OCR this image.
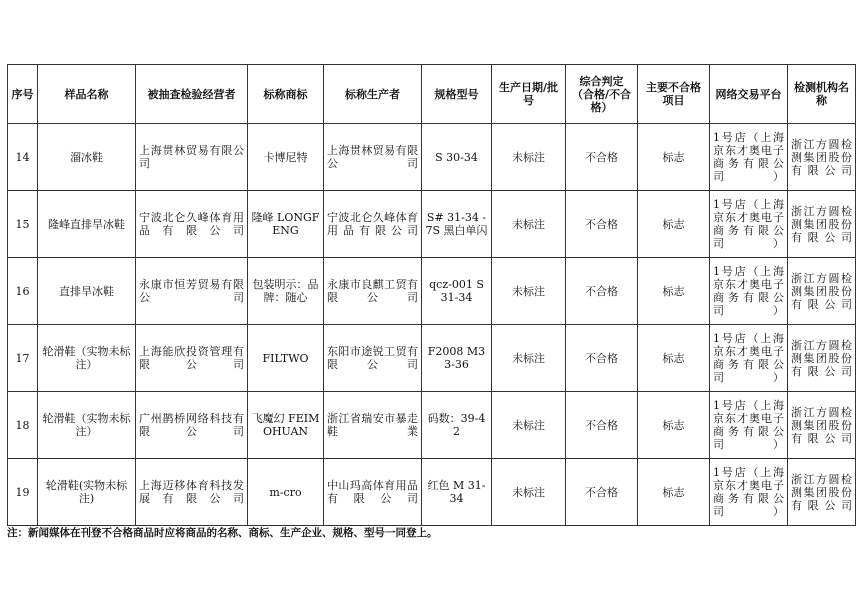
序号	样品名称	被抽查检验经营者	标称商标	标称生产者	规格型号	生产日期/批号	综合判定（合格/不合格）	主要不合格项目	网络交易平台	检测机构名称
14	溜冰鞋	上海贯林贸易有限公司	卡博尼特	上海贯林贸易有限公司	S 30-34	未标注	不合格	标志	1号店（上海京东才奥电子商务有限公司）	浙江方圆检测集团股份有限公司
15	隆峰直排旱冰鞋	宁波北仑久峰体育用品有限公司	隆峰 LONGFENG	宁波北仑久峰体育用品有限公司	S# 31-34 -7S 黑白单闪	未标注	不合格	标志	1号店（上海京东才奥电子商务有限公司）	浙江方圆检测集团股份有限公司
16	直排旱冰鞋	永康市恒芳贸易有限公司	包装明示：品牌：随心	永康市良麒工贸有限公司	qcz-001 S 31-34	未标注	不合格	标志	1号店（上海京东才奥电子商务有限公司）	浙江方圆检测集团股份有限公司
17	轮滑鞋（实物未标注）	上海能欣投资管理有限公司	FILTWO	东阳市途锐工贸有限公司	F2008 M33-36	未标注	不合格	标志	1号店（上海京东才奥电子商务有限公司）	浙江方圆检测集团股份有限公司
18	轮滑鞋（实物未标注）	广州鹊桥网络科技有限公司	飞魔幻 FEIMOHUAN	浙江省瑞安市暴走鞋業	码数：39-42	未标注	不合格	标志	1号店（上海京东才奥电子商务有限公司）	浙江方圆检测集团股份有限公司
19	轮滑鞋(实物未标注)	上海迈移体育科技发展有限公司	m-cro	中山玛高体育用品有限公司	红色 M 31-34	未标注	不合格	标志	1号店（上海京东才奥电子商务有限公司）	浙江方圆检测集团股份有限公司
注：新闻媒体在刊登不合格商品时应将商品的名称、商标、生产企业、规格、型号一同登上。
